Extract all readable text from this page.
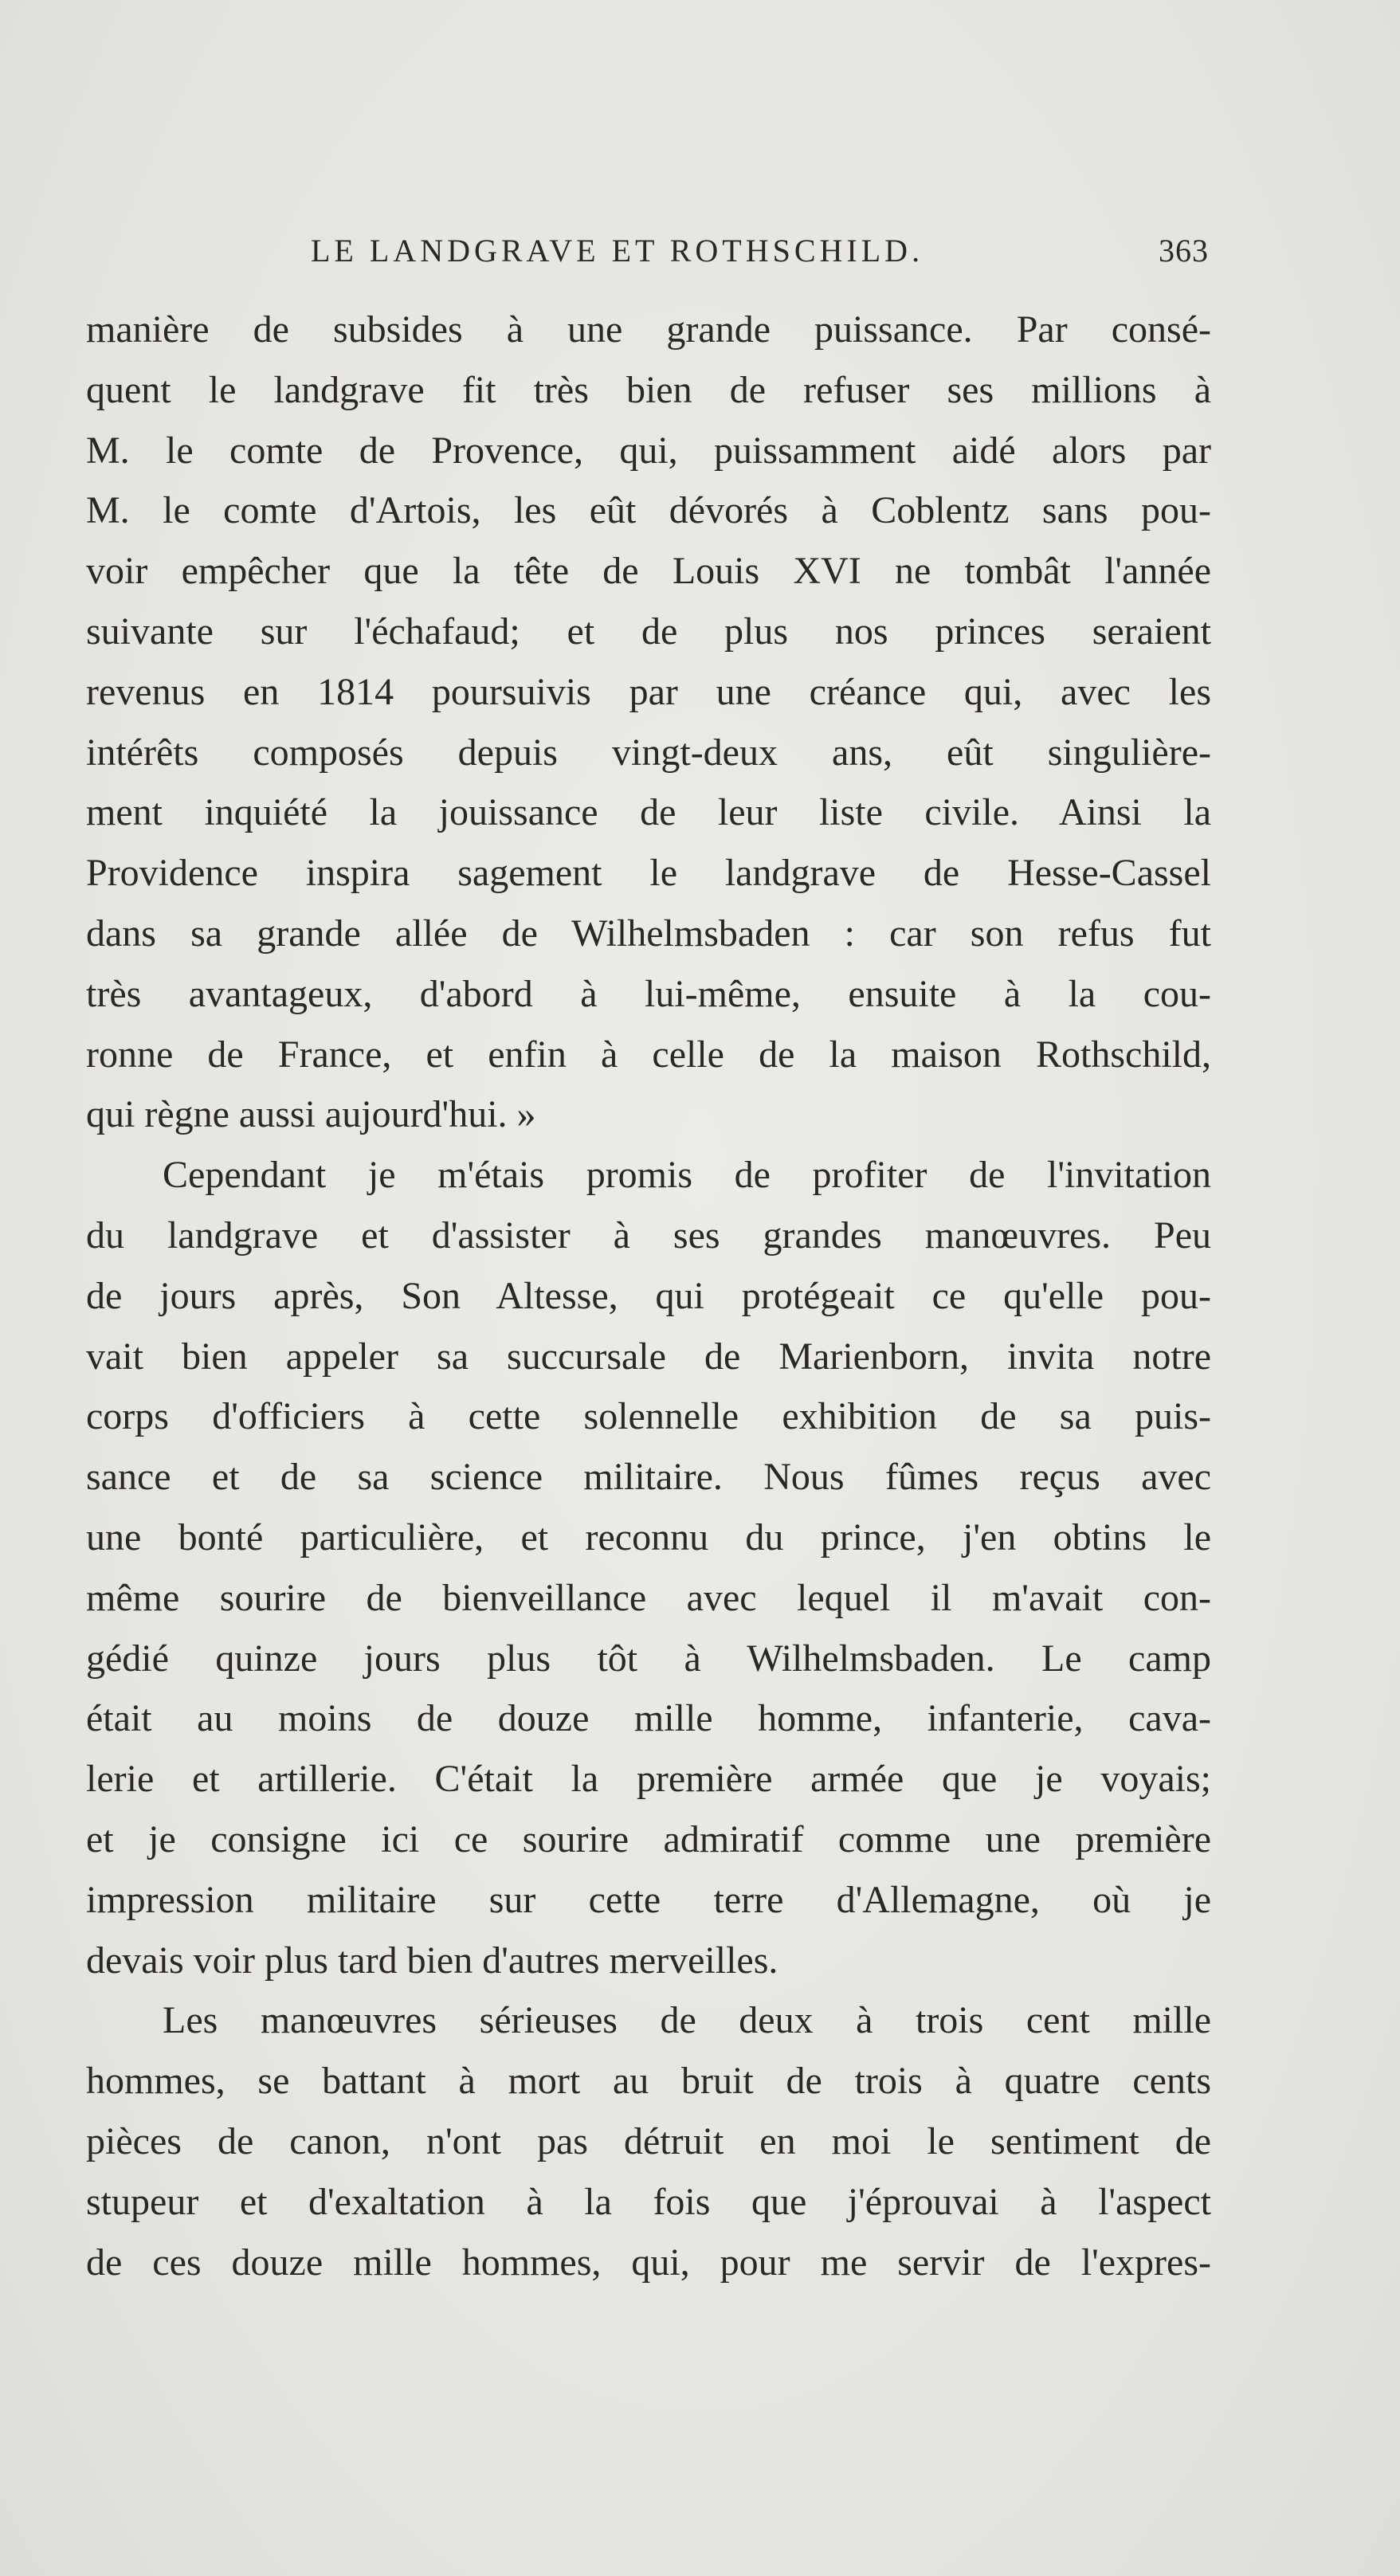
LE LANDGRAVE ET ROTHSCHILD.	363
manière de subsides à une grande puissance. Par consé-
quent le landgrave fit très bien de refuser ses millions à
M. le comte de Provence, qui, puissamment aidé alors par
M. le comte d'Artois, les eût dévorés à Coblentz sans pou-
voir empêcher que la tête de Louis XVI ne tombât l'année
suivante sur l'échafaud; et de plus nos princes seraient
revenus en 1814 poursuivis par une créance qui, avec les
intérêts composés depuis vingt-deux ans, eût singulière-
ment inquiété la jouissance de leur liste civile. Ainsi la
Providence inspira sagement le landgrave de Hesse-Cassel
dans sa grande allée de Wilhelmsbaden : car son refus fut
très avantageux, d'abord à lui-même, ensuite à la cou-
ronne de France, et enfin à celle de la maison Rothschild,
qui règne aussi aujourd'hui. »
Cependant je m'étais promis de profiter de l'invitation
du landgrave et d'assister à ses grandes manœuvres. Peu
de jours après, Son Altesse, qui protégeait ce qu'elle pou-
vait bien appeler sa succursale de Marienborn, invita notre
corps d'officiers à cette solennelle exhibition de sa puis-
sance et de sa science militaire. Nous fûmes reçus avec
une bonté particulière, et reconnu du prince, j'en obtins le
même sourire de bienveillance avec lequel il m'avait con-
gédié quinze jours plus tôt à Wilhelmsbaden. Le camp
était au moins de douze mille homme, infanterie, cava-
lerie et artillerie. C'était la première armée que je voyais;
et je consigne ici ce sourire admiratif comme une première
impression militaire sur cette terre d'Allemagne, où je
devais voir plus tard bien d'autres merveilles.
Les manœuvres sérieuses de deux à trois cent mille
hommes, se battant à mort au bruit de trois à quatre cents
pièces de canon, n'ont pas détruit en moi le sentiment de
stupeur et d'exaltation à la fois que j'éprouvai à l'aspect
de ces douze mille hommes, qui, pour me servir de l'expres-
